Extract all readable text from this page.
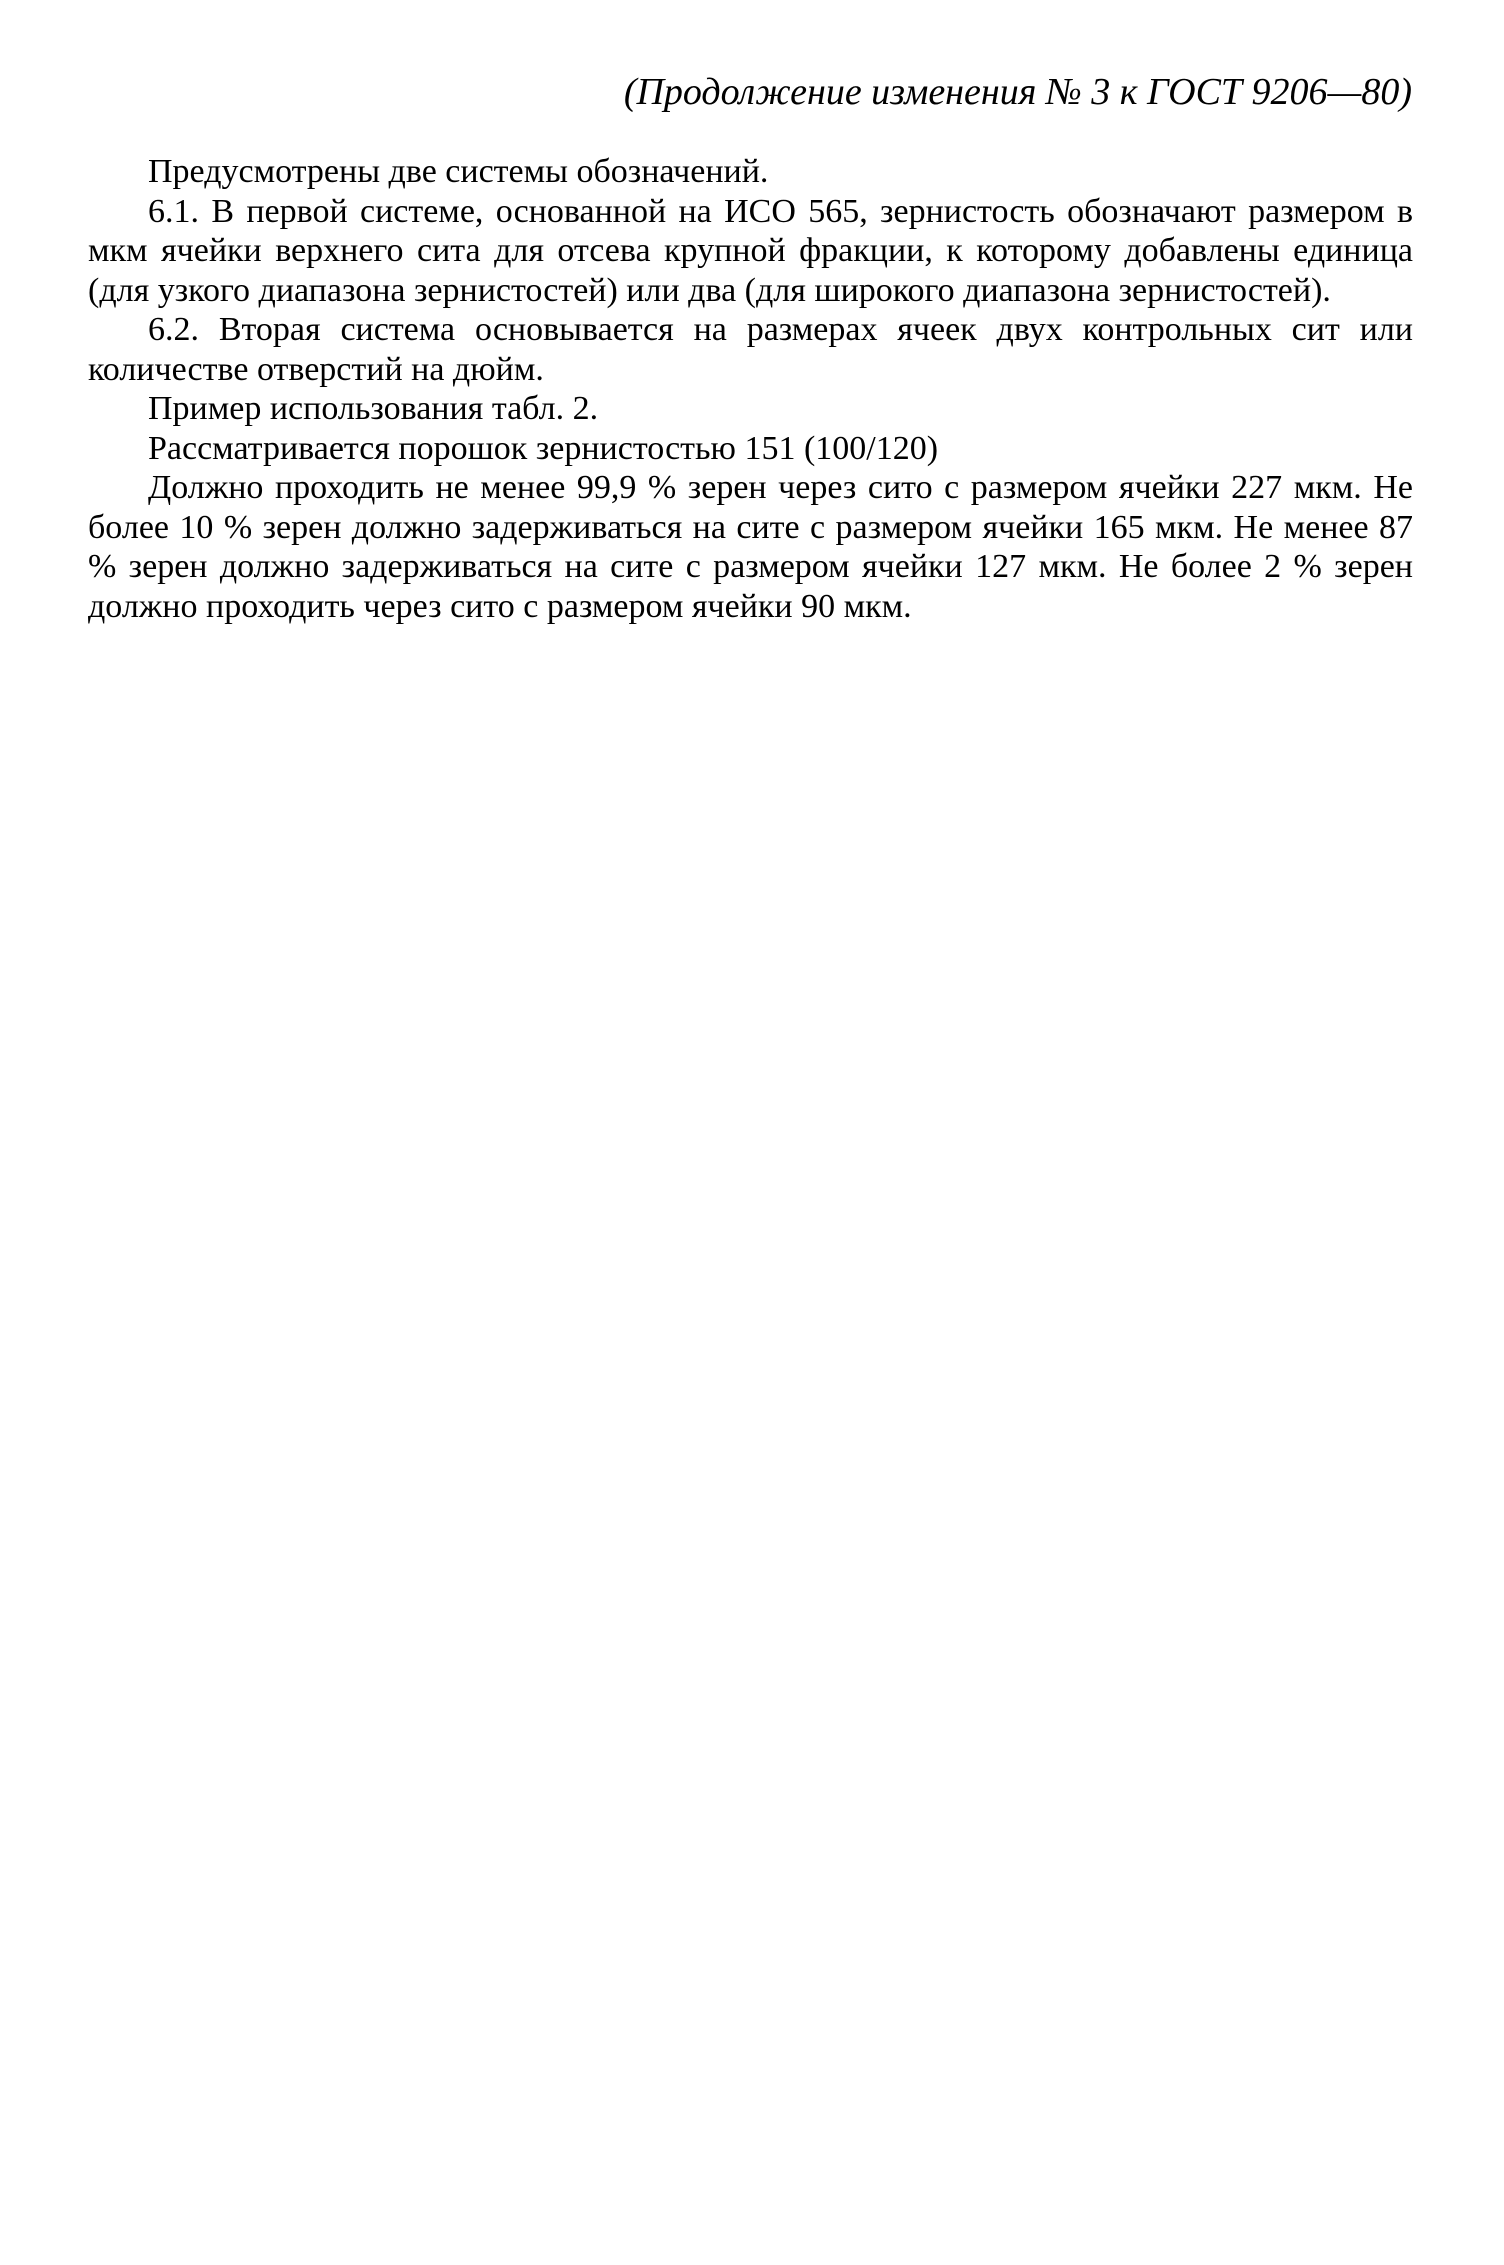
(Продолжение изменения № 3 к ГОСТ 9206—80)

Предусмотрены две системы обозначений.

6.1. В первой системе, основанной на ИСО 565, зернистость обозначают размером в мкм ячейки верхнего сита для отсева крупной фракции, к которому добавлены единица (для узкого диапазона зернистостей) или два (для широкого диапазона зернистостей).

6.2. Вторая система основывается на размерах ячеек двух контрольных сит или количестве отверстий на дюйм.

Пример использования табл. 2.

Рассматривается порошок зернистостью 151 (100/120)

Должно проходить не менее 99,9 % зерен через сито с размером ячейки 227 мкм. Не более 10 % зерен должно задерживаться на сите с размером ячейки 165 мкм. Не менее 87 % зерен должно задерживаться на сите с размером ячейки 127 мкм. Не более 2 % зерен должно проходить через сито с размером ячейки 90 мкм.
